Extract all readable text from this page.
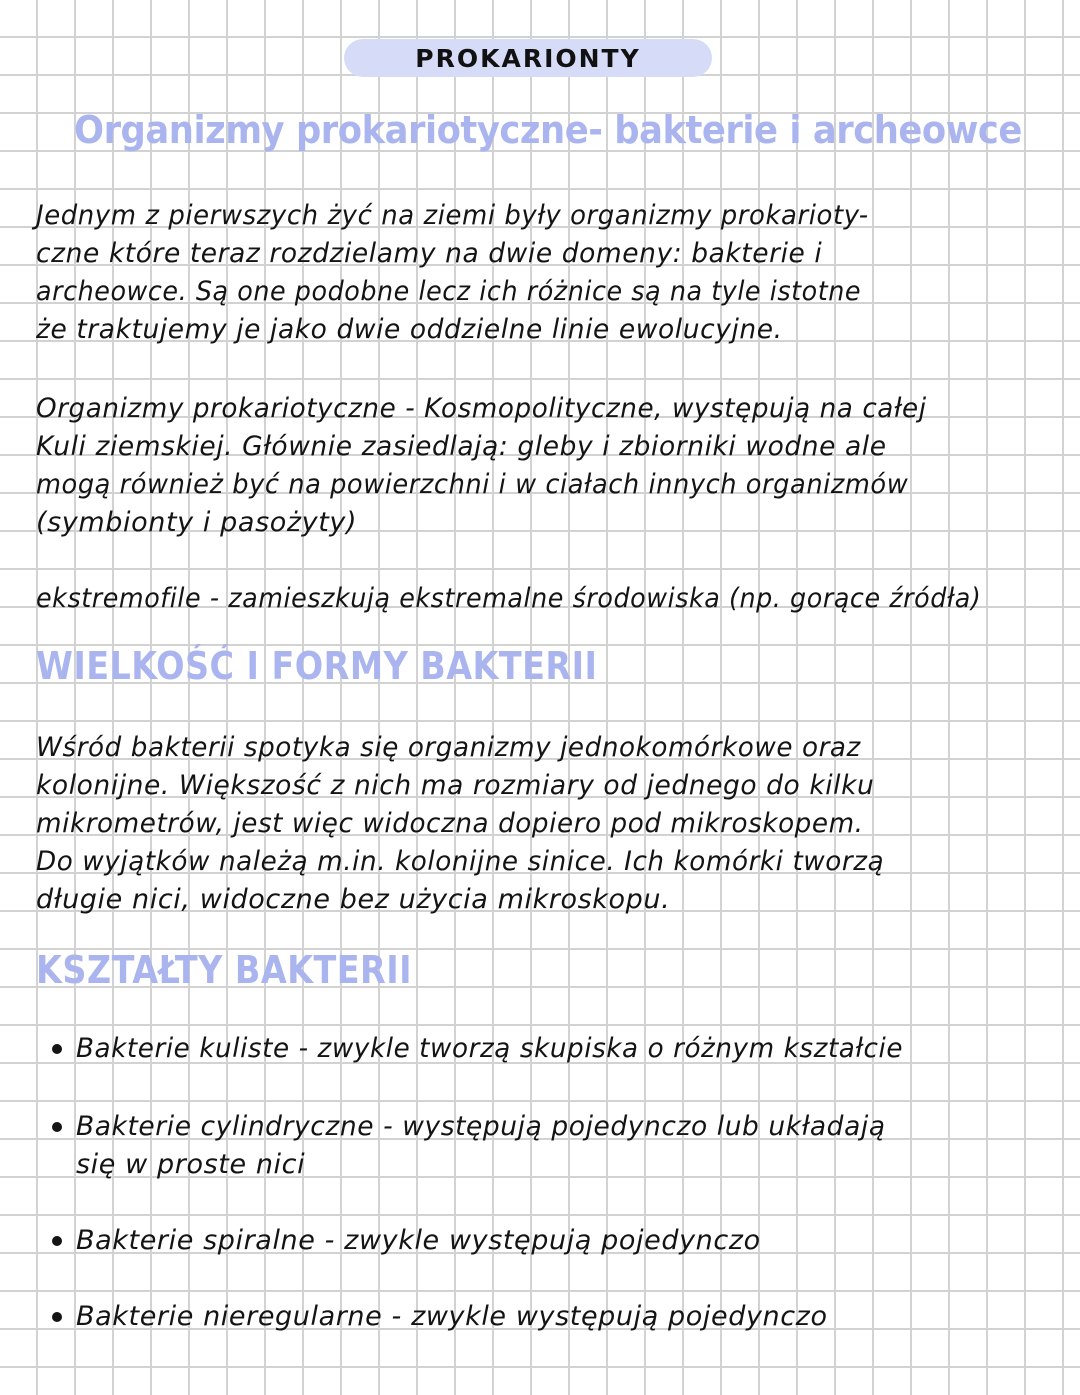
PROKARIONTY
Organizmy prokariotyczne- bakterie i archeowce
Jednym z pierwszych żyć na ziemi były organizmy prokarioty-
czne które teraz rozdzielamy na dwie domeny: bakterie i
archeowce. Są one podobne lecz ich różnice są na tyle istotne
że traktujemy je jako dwie oddzielne linie ewolucyjne.
Organizmy prokariotyczne - Kosmopolityczne, występują na całej
Kuli ziemskiej. Głównie zasiedlają: gleby i zbiorniki wodne ale
mogą również być na powierzchni i w ciałach innych organizmów
(symbionty i pasożyty)
ekstremofile - zamieszkują ekstremalne środowiska (np. gorące źródła)
WIELKOŚĆ I FORMY BAKTERII
Wśród bakterii spotyka się organizmy jednokomórkowe oraz
kolonijne. Większość z nich ma rozmiary od jednego do kilku
mikrometrów, jest więc widoczna dopiero pod mikroskopem.
Do wyjątków należą m.in. kolonijne sinice. Ich komórki tworzą
długie nici, widoczne bez użycia mikroskopu.
KSZTAŁTY BAKTERII
Bakterie kuliste - zwykle tworzą skupiska o różnym kształcie
Bakterie cylindryczne - występują pojedynczo lub układają
się w proste nici
Bakterie spiralne - zwykle występują pojedynczo
Bakterie nieregularne - zwykle występują pojedynczo
